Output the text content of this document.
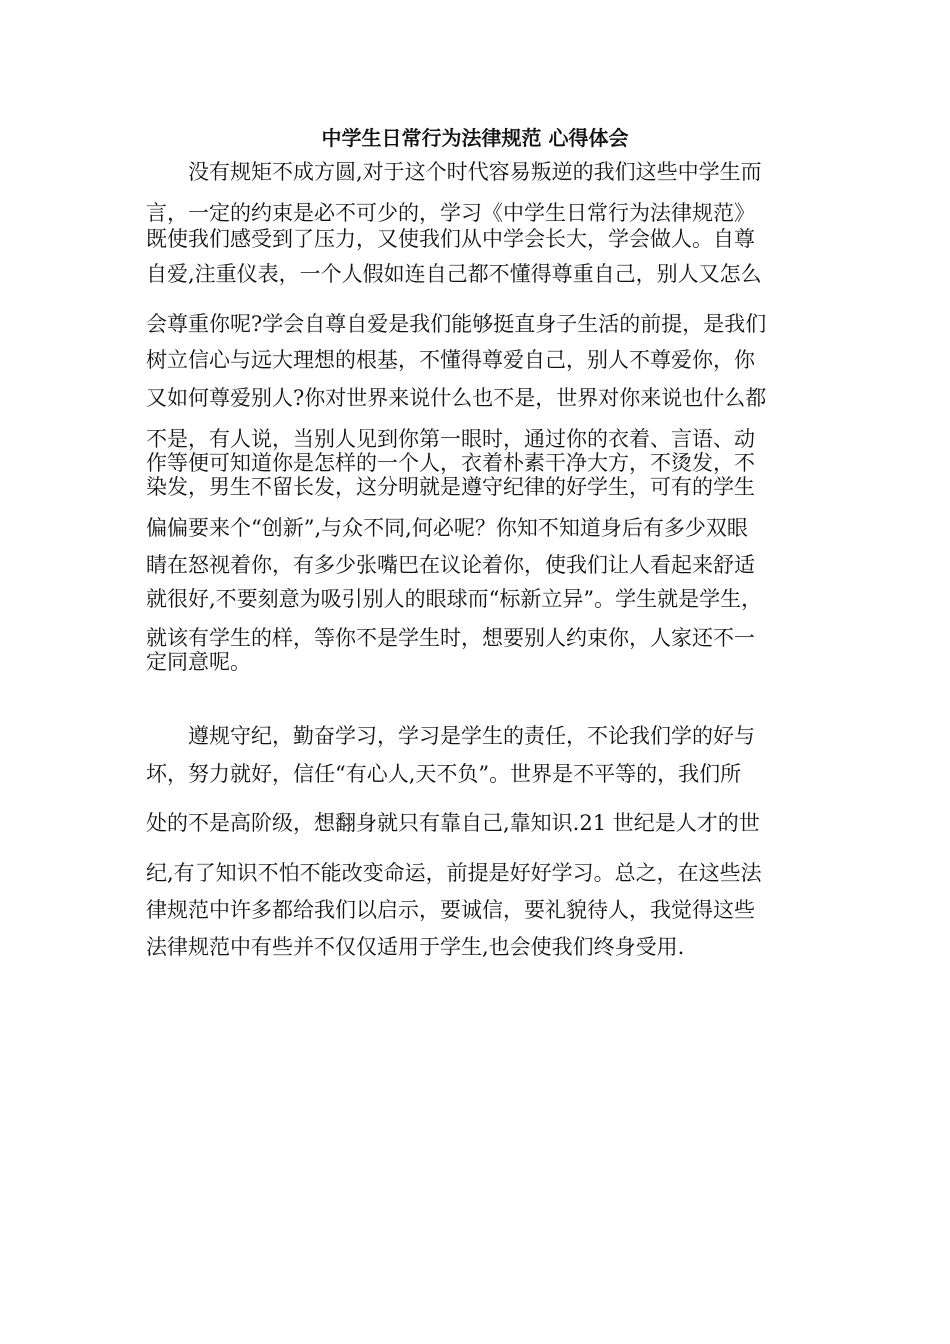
中学生日常行为法律规范 心得体会
没有规矩不成方圆,对于这个时代容易叛逆的我们这些中学生而
言，一定的约束是必不可少的，学习《中学生日常行为法律规范》
既使我们感受到了压力，又使我们从中学会长大，学会做人。自尊
自爱,注重仪表，一个人假如连自己都不懂得尊重自己，别人又怎么
会尊重你呢?学会自尊自爱是我们能够挺直身子生活的前提，是我们
树立信心与远大理想的根基，不懂得尊爱自己，别人不尊爱你，你
又如何尊爱别人?你对世界来说什么也不是，世界对你来说也什么都
不是，有人说，当别人见到你第一眼时，通过你的衣着、言语、动
作等便可知道你是怎样的一个人，衣着朴素干净大方，不烫发，不
染发，男生不留长发，这分明就是遵守纪律的好学生，可有的学生
偏偏要来个“创新”,与众不同,何必呢？你知不知道身后有多少双眼
睛在怒视着你，有多少张嘴巴在议论着你，使我们让人看起来舒适
就很好,不要刻意为吸引别人的眼球而“标新立异”。学生就是学生，
就该有学生的样，等你不是学生时，想要别人约束你，人家还不一
定同意呢。
遵规守纪，勤奋学习，学习是学生的责任，不论我们学的好与
坏，努力就好，信任“有心人,天不负”。世界是不平等的，我们所
处的不是高阶级，想翻身就只有靠自己,靠知识.21 世纪是人才的世
纪,有了知识不怕不能改变命运，前提是好好学习。总之，在这些法
律规范中许多都给我们以启示，要诚信，要礼貌待人，我觉得这些
法律规范中有些并不仅仅适用于学生,也会使我们终身受用.
